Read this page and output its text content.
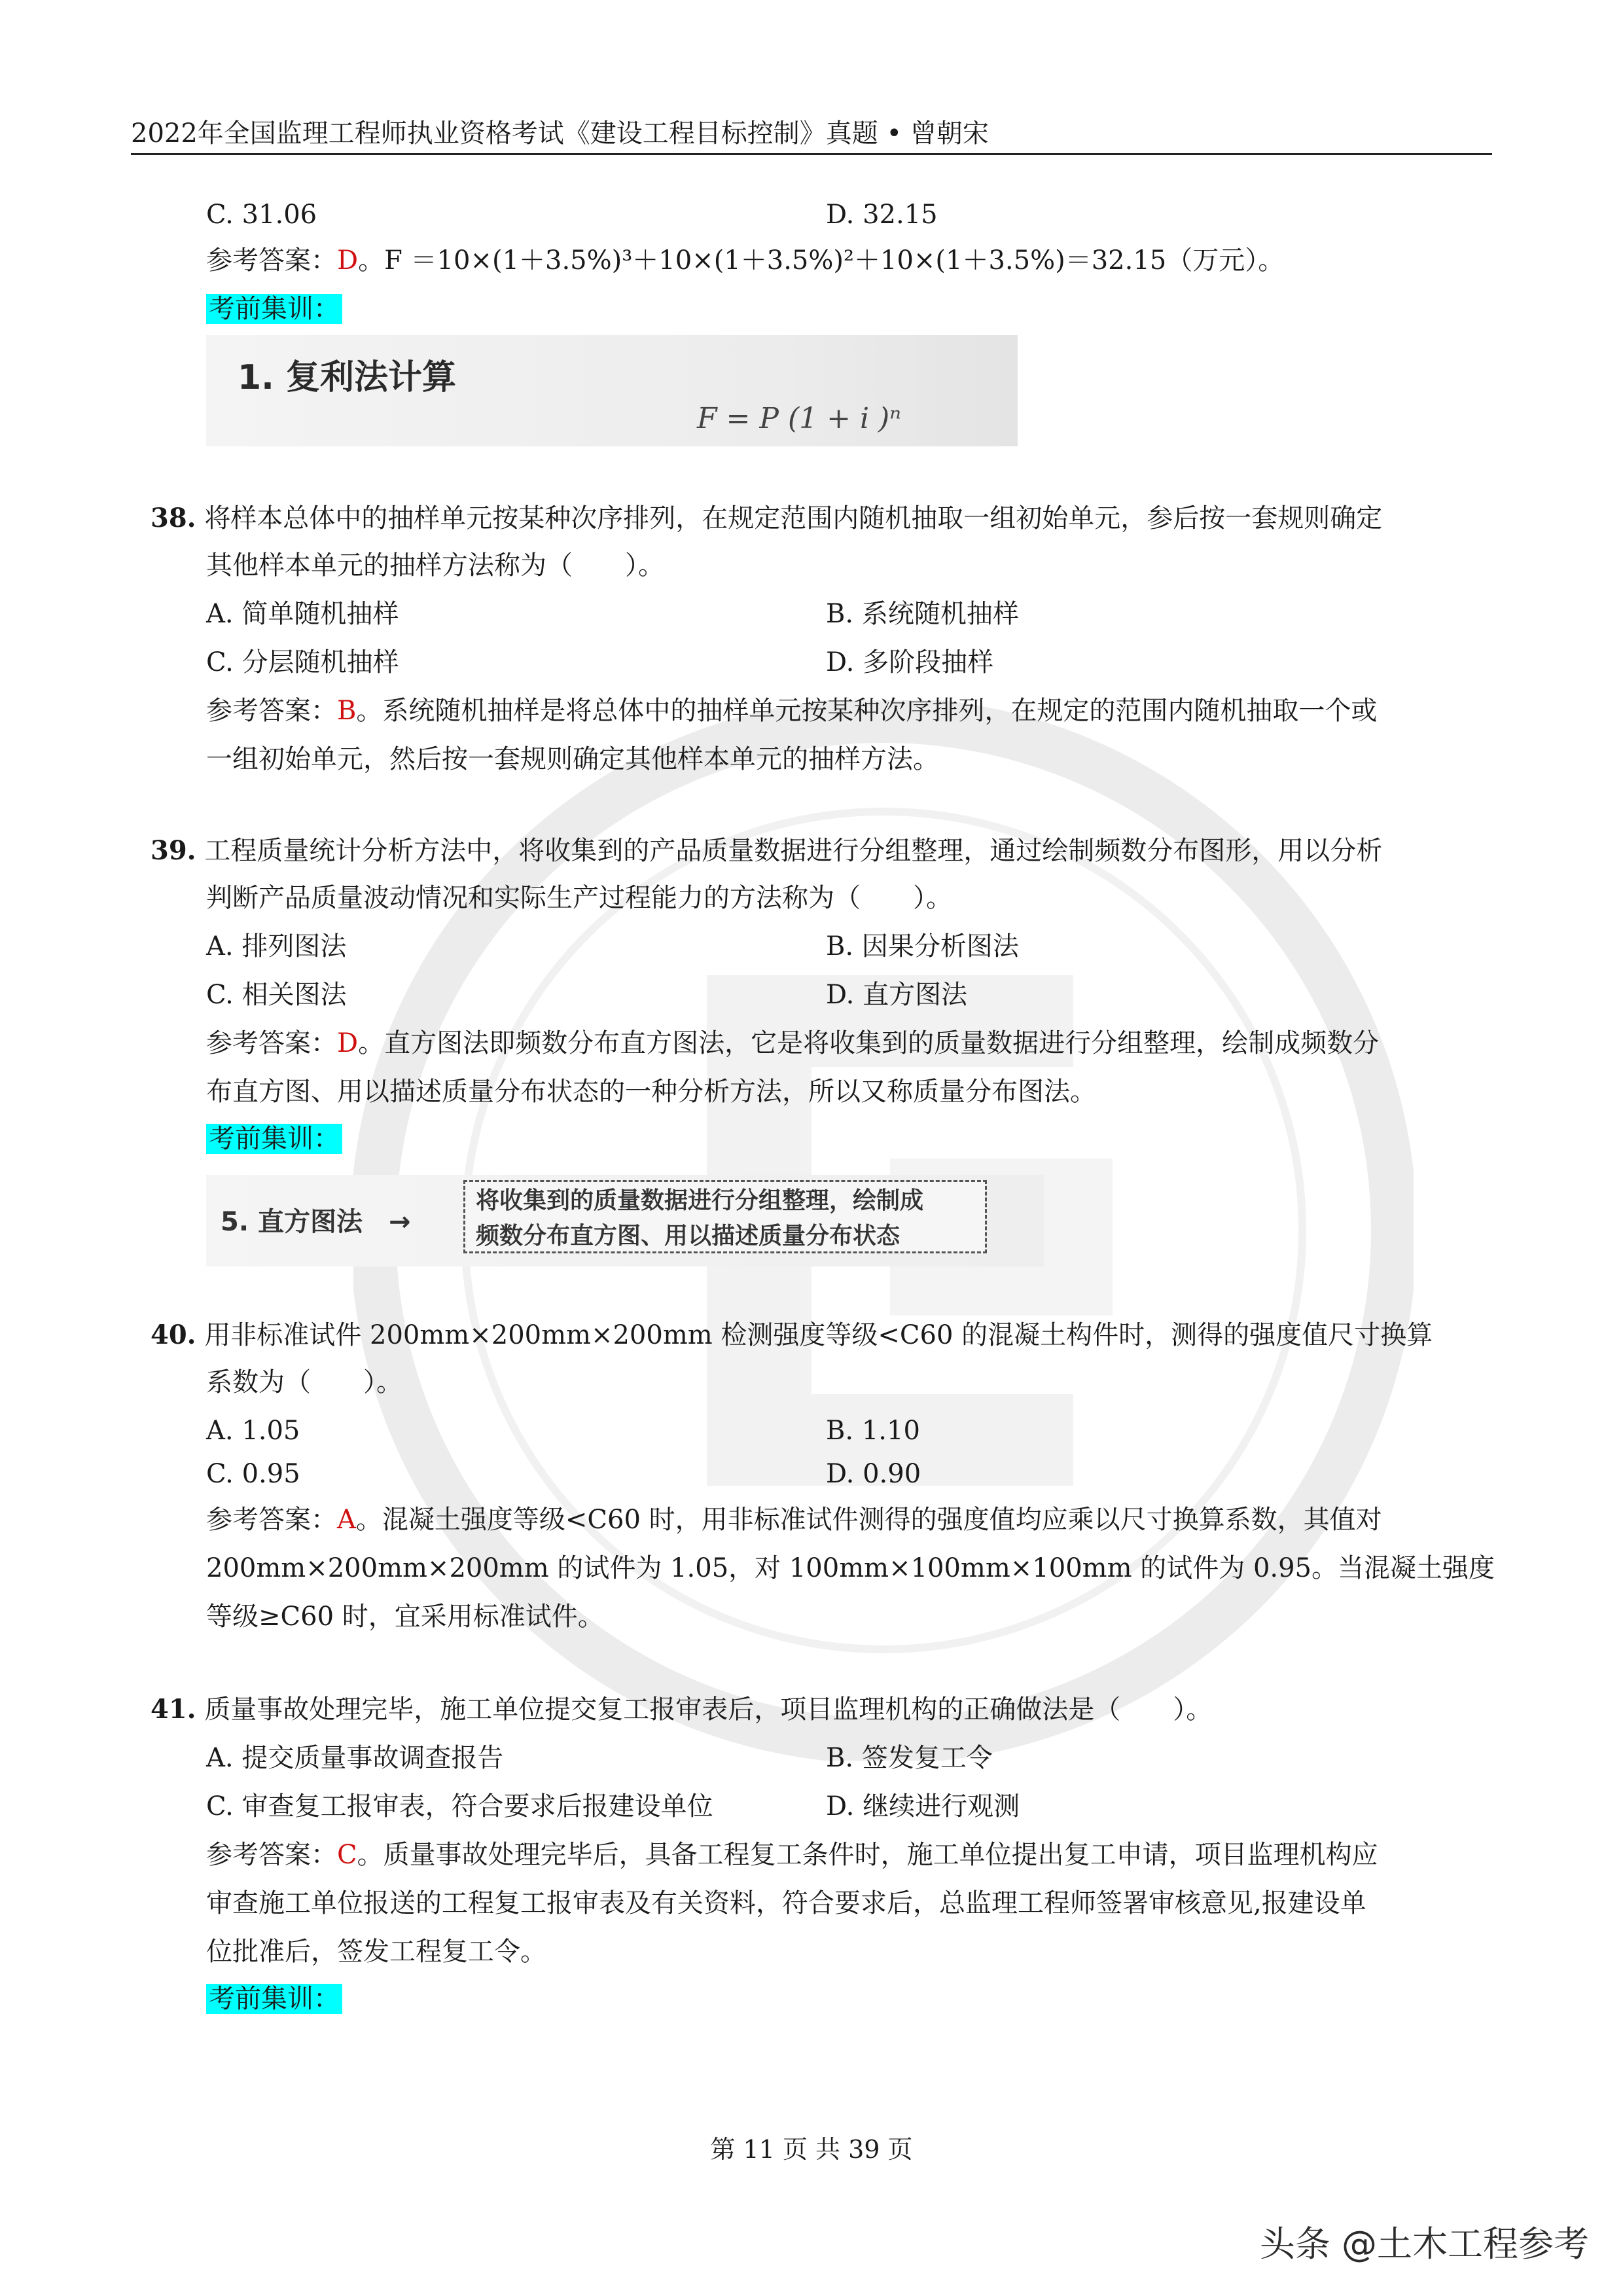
2022年全国监理工程师执业资格考试《建设工程目标控制》真题 • 曾朝宋
C. 31.06	D. 32.15
参考答案：D。F ＝10×(1＋3.5%)³＋10×(1＋3.5%)²＋10×(1＋3.5%)＝32.15（万元）。
考前集训：
1. 复利法计算
F = P (1 + i )ⁿ
38. 将样本总体中的抽样单元按某种次序排列，在规定范围内随机抽取一组初始单元，参后按一套规则确定
其他样本单元的抽样方法称为（　　）。
A. 简单随机抽样	B. 系统随机抽样
C. 分层随机抽样	D. 多阶段抽样
参考答案：B。系统随机抽样是将总体中的抽样单元按某种次序排列，在规定的范围内随机抽取一个或
一组初始单元，然后按一套规则确定其他样本单元的抽样方法。
39. 工程质量统计分析方法中，将收集到的产品质量数据进行分组整理，通过绘制频数分布图形，用以分析
判断产品质量波动情况和实际生产过程能力的方法称为（　　）。
A. 排列图法	B. 因果分析图法
C. 相关图法	D. 直方图法
参考答案：D。直方图法即频数分布直方图法，它是将收集到的质量数据进行分组整理，绘制成频数分
布直方图、用以描述质量分布状态的一种分析方法，所以又称质量分布图法。
考前集训：
5. 直方图法　→
将收集到的质量数据进行分组整理，绘制成
频数分布直方图、用以描述质量分布状态
40. 用非标准试件 200mm×200mm×200mm 检测强度等级<C60 的混凝土构件时，测得的强度值尺寸换算
系数为（　　）。
A. 1.05	B. 1.10
C. 0.95	D. 0.90
参考答案：A。混凝土强度等级<C60 时，用非标准试件测得的强度值均应乘以尺寸换算系数，其值对
200mm×200mm×200mm 的试件为 1.05，对 100mm×100mm×100mm 的试件为 0.95。当混凝土强度
等级≥C60 时，宜采用标准试件。
41. 质量事故处理完毕，施工单位提交复工报审表后，项目监理机构的正确做法是（　　）。
A. 提交质量事故调查报告	B. 签发复工令
C. 审查复工报审表，符合要求后报建设单位	D. 继续进行观测
参考答案：C。质量事故处理完毕后，具备工程复工条件时，施工单位提出复工申请，项目监理机构应
审查施工单位报送的工程复工报审表及有关资料，符合要求后，总监理工程师签署审核意见,报建设单
位批准后，签发工程复工令。
考前集训：
第 11 页 共 39 页
头条 @土木工程参考
